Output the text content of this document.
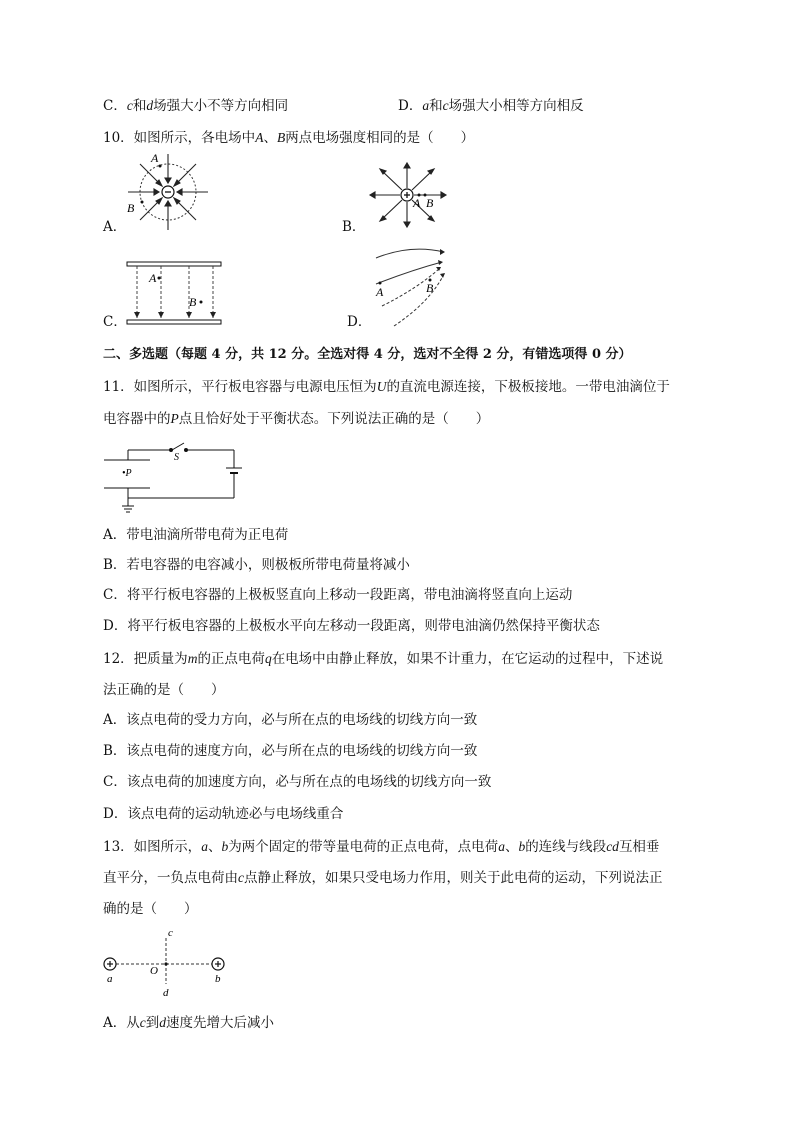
C．c和d场强大小不等方向相同	D．a和c场强大小相等方向相反
10．如图所示，各电场中A、B两点电场强度相同的是（　　）
A
B
A．
A B
B．
A
B
C．
A	B
D．
二、多选题（每题 4 分，共 12 分。全选对得 4 分，选对不全得 2 分，有错选项得 0 分）
11．如图所示，平行板电容器与电源电压恒为U的直流电源连接，下极板接地。一带电油滴位于
电容器中的P点且恰好处于平衡状态。下列说法正确的是（　　）
S
•P
A．带电油滴所带电荷为正电荷
B．若电容器的电容减小，则极板所带电荷量将减小
C．将平行板电容器的上极板竖直向上移动一段距离，带电油滴将竖直向上运动
D．将平行板电容器的上极板水平向左移动一段距离，则带电油滴仍然保持平衡状态
12．把质量为m的正点电荷q在电场中由静止释放，如果不计重力，在它运动的过程中，下述说
法正确的是（　　）
A．该点电荷的受力方向，必与所在点的电场线的切线方向一致
B．该点电荷的速度方向，必与所在点的电场线的切线方向一致
C．该点电荷的加速度方向，必与所在点的电场线的切线方向一致
D．该点电荷的运动轨迹必与电场线重合
13．如图所示，a、b为两个固定的带等量电荷的正点电荷，点电荷a、b的连线与线段cd互相垂
直平分，一负点电荷由c点静止释放，如果只受电场力作用，则关于此电荷的运动，下列说法正
确的是（　　）
a	b
c
d
O
A．从c到d速度先增大后减小
